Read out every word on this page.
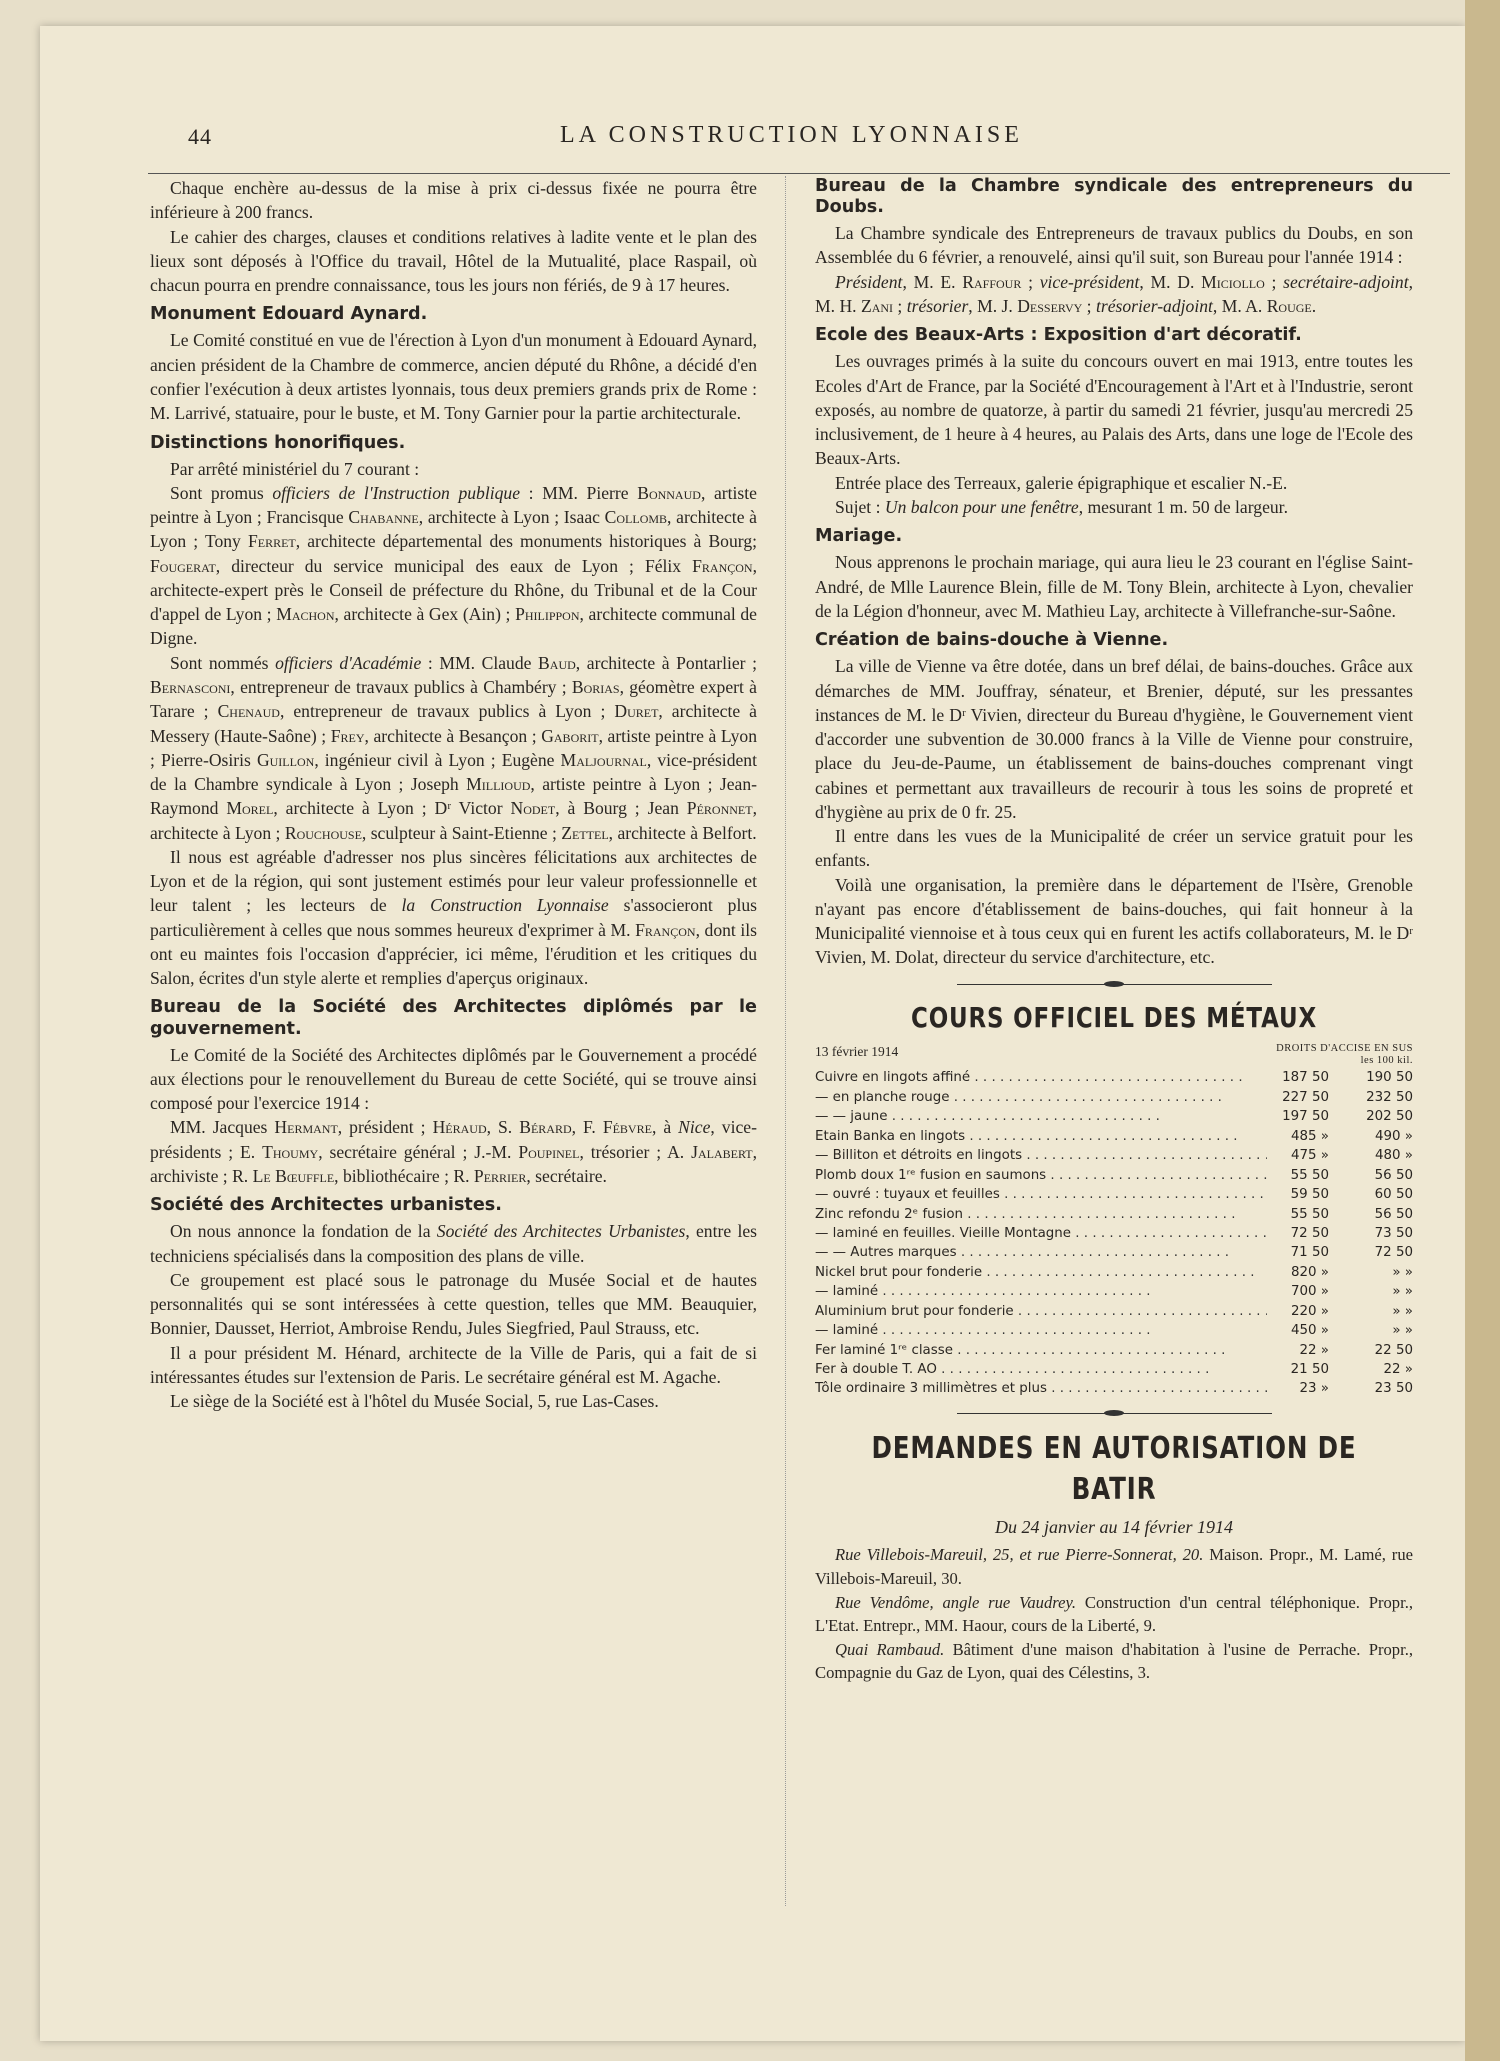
44	LA CONSTRUCTION LYONNAISE

Chaque enchère au-dessus de la mise à prix ci-dessus fixée ne pourra être inférieure à 200 francs.

Le cahier des charges, clauses et conditions relatives à ladite vente et le plan des lieux sont déposés à l'Office du travail, Hôtel de la Mutualité, place Raspail, où chacun pourra en prendre connaissance, tous les jours non fériés, de 9 à 17 heures.

Monument Edouard Aynard.

Le Comité constitué en vue de l'érection à Lyon d'un monument à Edouard Aynard, ancien président de la Chambre de commerce, ancien député du Rhône, a décidé d'en confier l'exécution à deux artistes lyonnais, tous deux premiers grands prix de Rome : M. Larrivé, statuaire, pour le buste, et M. Tony Garnier pour la partie architecturale.

Distinctions honorifiques.

Par arrêté ministériel du 7 courant :

Sont promus officiers de l'Instruction publique : MM. Pierre Bonnaud, artiste peintre à Lyon ; Francisque Chabanne, architecte à Lyon ; Isaac Collomb, architecte à Lyon ; Tony Ferret, architecte départemental des monuments historiques à Bourg; Fougerat, directeur du service municipal des eaux de Lyon ; Félix Françon, architecte-expert près le Conseil de préfecture du Rhône, du Tribunal et de la Cour d'appel de Lyon ; Machon, architecte à Gex (Ain) ; Philippon, architecte communal de Digne.

Sont nommés officiers d'Académie : MM. Claude Baud, architecte à Pontarlier ; Bernasconi, entrepreneur de travaux publics à Chambéry ; Borias, géomètre expert à Tarare ; Chenaud, entrepreneur de travaux publics à Lyon ; Duret, architecte à Messery (Haute-Saône) ; Frey, architecte à Besançon ; Gaborit, artiste peintre à Lyon ; Pierre-Osiris Guillon, ingénieur civil à Lyon ; Eugène Maljournal, vice-président de la Chambre syndicale à Lyon ; Joseph Millioud, artiste peintre à Lyon ; Jean-Raymond Morel, architecte à Lyon ; Dʳ Victor Nodet, à Bourg ; Jean Péronnet, architecte à Lyon ; Rouchouse, sculpteur à Saint-Etienne ; Zettel, architecte à Belfort.

Il nous est agréable d'adresser nos plus sincères félicitations aux architectes de Lyon et de la région, qui sont justement estimés pour leur valeur professionnelle et leur talent ; les lecteurs de la Construction Lyonnaise s'associeront plus particulièrement à celles que nous sommes heureux d'exprimer à M. Françon, dont ils ont eu maintes fois l'occasion d'apprécier, ici même, l'érudition et les critiques du Salon, écrites d'un style alerte et remplies d'aperçus originaux.

Bureau de la Société des Architectes diplômés par le gouvernement.

Le Comité de la Société des Architectes diplômés par le Gouvernement a procédé aux élections pour le renouvellement du Bureau de cette Société, qui se trouve ainsi composé pour l'exercice 1914 :

MM. Jacques Hermant, président ; Héraud, S. Bérard, F. Fébvre, à Nice, vice-présidents ; E. Thoumy, secrétaire général ; J.-M. Poupinel, trésorier ; A. Jalabert, archiviste ; R. Le Bœuffle, bibliothécaire ; R. Perrier, secrétaire.

Société des Architectes urbanistes.

On nous annonce la fondation de la Société des Architectes Urbanistes, entre les techniciens spécialisés dans la composition des plans de ville.

Ce groupement est placé sous le patronage du Musée Social et de hautes personnalités qui se sont intéressées à cette question, telles que MM. Beauquier, Bonnier, Dausset, Herriot, Ambroise Rendu, Jules Siegfried, Paul Strauss, etc.

Il a pour président M. Hénard, architecte de la Ville de Paris, qui a fait de si intéressantes études sur l'extension de Paris. Le secrétaire général est M. Agache.

Le siège de la Société est à l'hôtel du Musée Social, 5, rue Las-Cases.

Bureau de la Chambre syndicale des entrepreneurs du Doubs.

La Chambre syndicale des Entrepreneurs de travaux publics du Doubs, en son Assemblée du 6 février, a renouvelé, ainsi qu'il suit, son Bureau pour l'année 1914 :

Président, M. E. Raffour ; vice-président, M. D. Miciollo ; secrétaire-adjoint, M. H. Zani ; trésorier, M. J. Desservy ; trésorier-adjoint, M. A. Rouge.

Ecole des Beaux-Arts : Exposition d'art décoratif.

Les ouvrages primés à la suite du concours ouvert en mai 1913, entre toutes les Ecoles d'Art de France, par la Société d'Encouragement à l'Art et à l'Industrie, seront exposés, au nombre de quatorze, à partir du samedi 21 février, jusqu'au mercredi 25 inclusivement, de 1 heure à 4 heures, au Palais des Arts, dans une loge de l'Ecole des Beaux-Arts.

Entrée place des Terreaux, galerie épigraphique et escalier N.-E.

Sujet : Un balcon pour une fenêtre, mesurant 1 m. 50 de largeur.

Mariage.

Nous apprenons le prochain mariage, qui aura lieu le 23 courant en l'église Saint-André, de Mlle Laurence Blein, fille de M. Tony Blein, architecte à Lyon, chevalier de la Légion d'honneur, avec M. Mathieu Lay, architecte à Villefranche-sur-Saône.

Création de bains-douche à Vienne.

La ville de Vienne va être dotée, dans un bref délai, de bains-douches. Grâce aux démarches de MM. Jouffray, sénateur, et Brenier, député, sur les pressantes instances de M. le Dʳ Vivien, directeur du Bureau d'hygiène, le Gouvernement vient d'accorder une subvention de 30.000 francs à la Ville de Vienne pour construire, place du Jeu-de-Paume, un établissement de bains-douches comprenant vingt cabines et permettant aux travailleurs de recourir à tous les soins de propreté et d'hygiène au prix de 0 fr. 25.

Il entre dans les vues de la Municipalité de créer un service gratuit pour les enfants.

Voilà une organisation, la première dans le département de l'Isère, Grenoble n'ayant pas encore d'établissement de bains-douches, qui fait honneur à la Municipalité viennoise et à tous ceux qui en furent les actifs collaborateurs, M. le Dʳ Vivien, M. Dolat, directeur du service d'architecture, etc.

COURS OFFICIEL DES MÉTAUX
13 février 1914	DROITS D'ACCISE EN SUS
les 100 kil.
Cuivre en lingots affiné . . .	187 50	190 50
— en planche rouge . . .	227 50	232 50
— — jaune . . .	197 50	202 50
Etain Banka en lingots . . .	485 »	490 »
— Billiton et détroits en lingots . . .	475 »	480 »
Plomb doux 1ʳᵉ fusion en saumons . . .	55 50	56 50
— ouvré : tuyaux et feuilles . . .	59 50	60 50
Zinc refondu 2ᵉ fusion . . .	55 50	56 50
— laminé en feuilles. Vieille Montagne . . .	72 50	73 50
— — Autres marques . . .	71 50	72 50
Nickel brut pour fonderie . . .	820 »	» »
— laminé . . .	700 »	» »
Aluminium brut pour fonderie . . .	220 »	» »
— laminé . . .	450 »	» »
Fer laminé 1ʳᵉ classe . . .	22 »	22 50
Fer à double T. AO . . .	21 50	22 »
Tôle ordinaire 3 millimètres et plus . . .	23 »	23 50
DEMANDES EN AUTORISATION DE BATIR
Du 24 janvier au 14 février 1914

Rue Villebois-Mareuil, 25, et rue Pierre-Sonnerat, 20. Maison. Propr., M. Lamé, rue Villebois-Mareuil, 30.

Rue Vendôme, angle rue Vaudrey. Construction d'un central téléphonique. Propr., L'Etat. Entrepr., MM. Haour, cours de la Liberté, 9.

Quai Rambaud. Bâtiment d'une maison d'habitation à l'usine de Perrache. Propr., Compagnie du Gaz de Lyon, quai des Célestins, 3.
